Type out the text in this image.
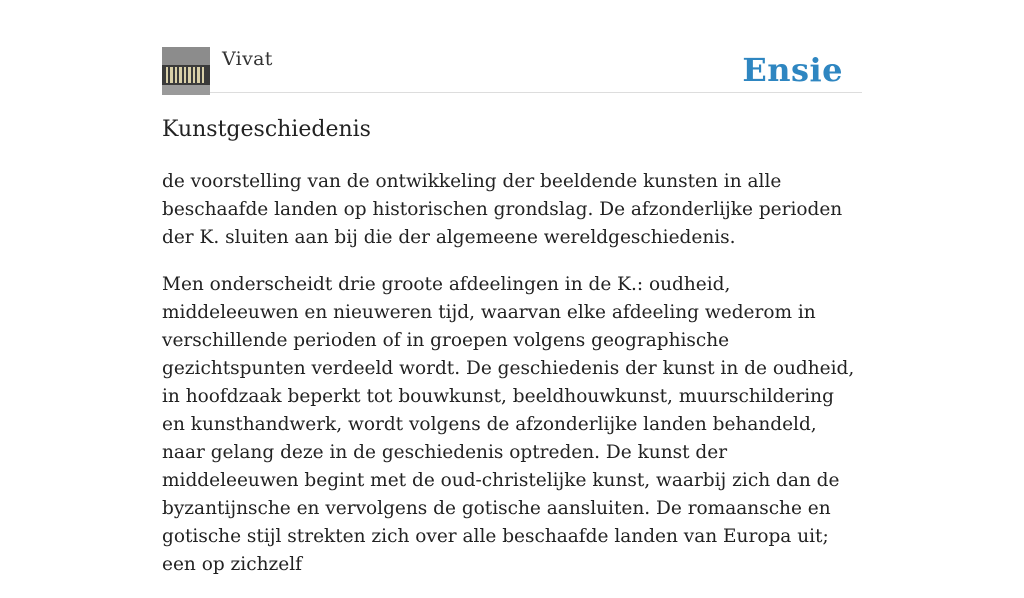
Vivat	Ensie
Kunstgeschiedenis

de voorstelling van de ontwikkeling der beeldende kunsten in alle beschaafde landen op historischen grondslag. De afzonderlijke perioden der K. sluiten aan bij die der algemeene wereldgeschiedenis.

Men onderscheidt drie groote afdeelingen in de K.: oudheid, middeleeuwen en nieuweren tijd, waarvan elke afdeeling wederom in verschillende perioden of in groepen volgens geographische gezichtspunten verdeeld wordt. De geschiedenis der kunst in de oudheid, in hoofdzaak beperkt tot bouwkunst, beeldhouwkunst, muurschildering en kunsthandwerk, wordt volgens de afzonderlijke landen behandeld, naar gelang deze in de geschiedenis optreden. De kunst der middeleeuwen begint met de oud-christelijke kunst, waarbij zich dan de byzantijnsche en vervolgens de gotische aansluiten. De romaansche en gotische stijl strekten zich over alle beschaafde landen van Europa uit; een op zichzelf
